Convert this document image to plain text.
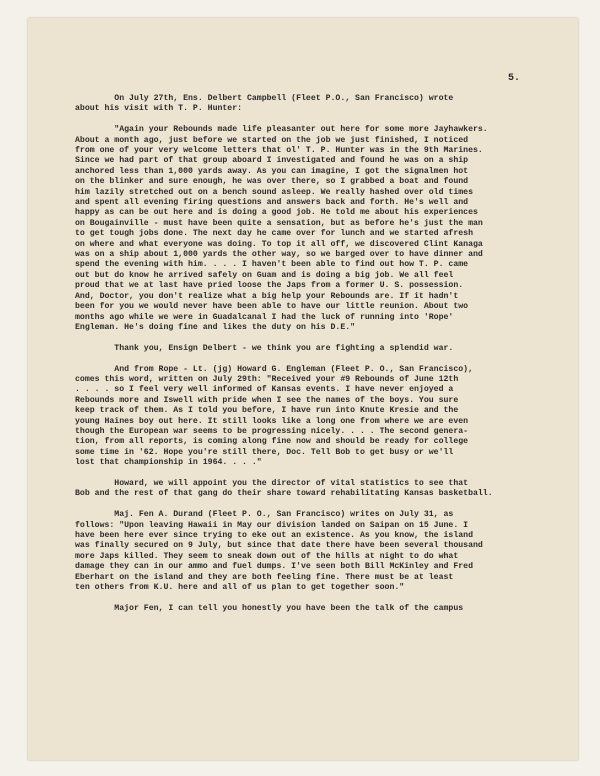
5.
On July 27th, Ens. Delbert Campbell (Fleet P.O., San Francisco) wrote
about his visit with T. P. Hunter:
"Again your Rebounds made life pleasanter out here for some more Jayhawkers.
About a month ago, just before we started on the job we just finished, I noticed
from one of your very welcome letters that ol' T. P. Hunter was in the 9th Marines.
Since we had part of that group aboard I investigated and found he was on a ship
anchored less than 1,000 yards away. As you can imagine, I got the signalmen hot
on the blinker and sure enough, he was over there, so I grabbed a boat and found
him lazily stretched out on a bench sound asleep. We really hashed over old times
and spent all evening firing questions and answers back and forth. He's well and
happy as can be out here and is doing a good job. He told me about his experiences
on Bougainville - must have been quite a sensation, but as before he's just the man
to get tough jobs done. The next day he came over for lunch and we started afresh
on where and what everyone was doing. To top it all off, we discovered Clint Kanaga
was on a ship about 1,000 yards the other way, so we barged over to have dinner and
spend the evening with him. . . . I haven't been able to find out how T. P. came
out but do know he arrived safely on Guam and is doing a big job. We all feel
proud that we at last have pried loose the Japs from a former U. S. possession.
And, Doctor, you don't realize what a big help your Rebounds are. If it hadn't
been for you we would never have been able to have our little reunion. About two
months ago while we were in Guadalcanal I had the luck of running into 'Rope'
Engleman. He's doing fine and likes the duty on his D.E."
Thank you, Ensign Delbert - we think you are fighting a splendid war.
And from Rope - Lt. (jg) Howard G. Engleman (Fleet P. O., San Francisco),
comes this word, written on July 29th: "Received your #9 Rebounds of June 12th
. . . . so I feel very well informed of Kansas events. I have never enjoyed a
Rebounds more and Iswell with pride when I see the names of the boys. You sure
keep track of them. As I told you before, I have run into Knute Kresie and the
young Haines boy out here. It still looks like a long one from where we are even
though the European war seems to be progressing nicely. . . . The second genera-
tion, from all reports, is coming along fine now and should be ready for college
some time in '62. Hope you're still there, Doc. Tell Bob to get busy or we'll
lost that championship in 1964. . . ."
Howard, we will appoint you the director of vital statistics to see that
Bob and the rest of that gang do their share toward rehabilitating Kansas basketball.
Maj. Fen A. Durand (Fleet P. O., San Francisco) writes on July 31, as
follows: "Upon leaving Hawaii in May our division landed on Saipan on 15 June. I
have been here ever since trying to eke out an existence. As you know, the island
was finally secured on 9 July, but since that date there have been several thousand
more Japs killed. They seem to sneak down out of the hills at night to do what
damage they can in our ammo and fuel dumps. I've seen both Bill McKinley and Fred
Eberhart on the island and they are both feeling fine. There must be at least
ten others from K.U. here and all of us plan to get together soon."
Major Fen, I can tell you honestly you have been the talk of the campus
